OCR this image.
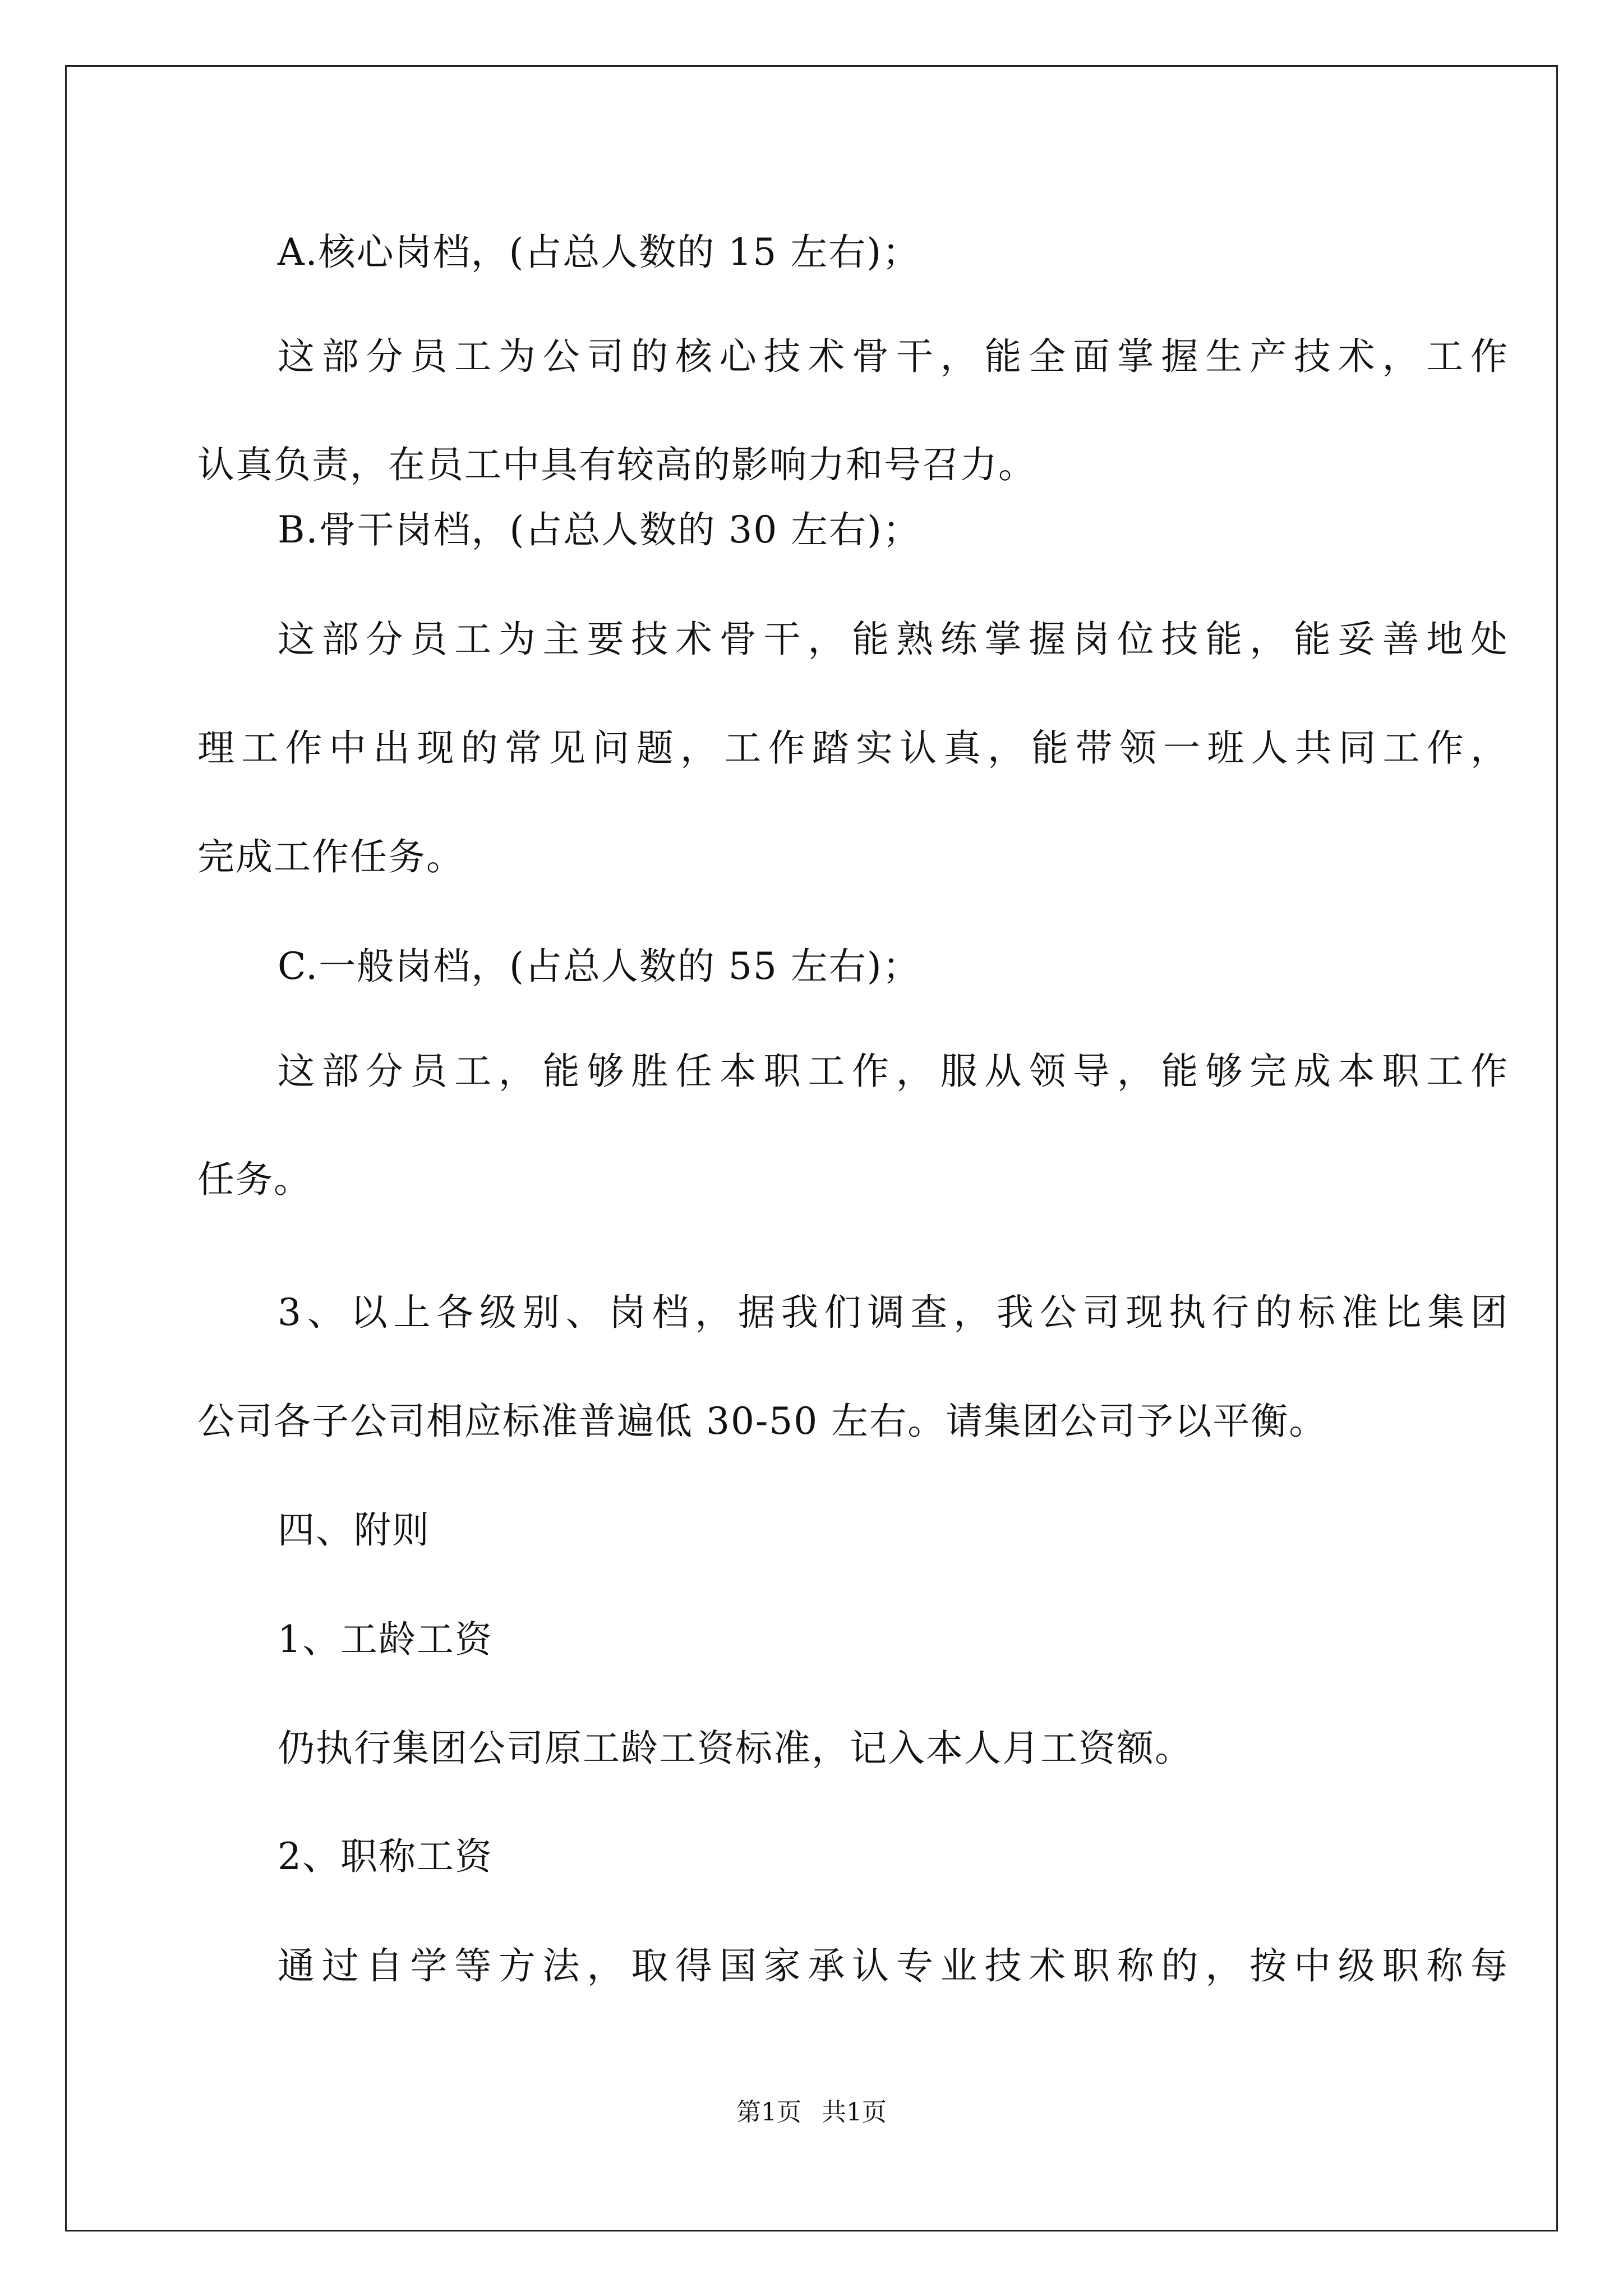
A.核心岗档，(占总人数的 15 左右)；
这部分员工为公司的核心技术骨干，能全面掌握生产技术，工作
认真负责，在员工中具有较高的影响力和号召力。
B.骨干岗档，(占总人数的 30 左右)；
这部分员工为主要技术骨干，能熟练掌握岗位技能，能妥善地处
理工作中出现的常见问题，工作踏实认真，能带领一班人共同工作，
完成工作任务。
C.一般岗档，(占总人数的 55 左右)；
这部分员工，能够胜任本职工作，服从领导，能够完成本职工作
任务。
3、以上各级别、岗档，据我们调查，我公司现执行的标准比集团
公司各子公司相应标准普遍低 30-50 左右。请集团公司予以平衡。
四、附则
1、工龄工资
仍执行集团公司原工龄工资标准，记入本人月工资额。
2、职称工资
通过自学等方法，取得国家承认专业技术职称的，按中级职称每
第1页 共1页
